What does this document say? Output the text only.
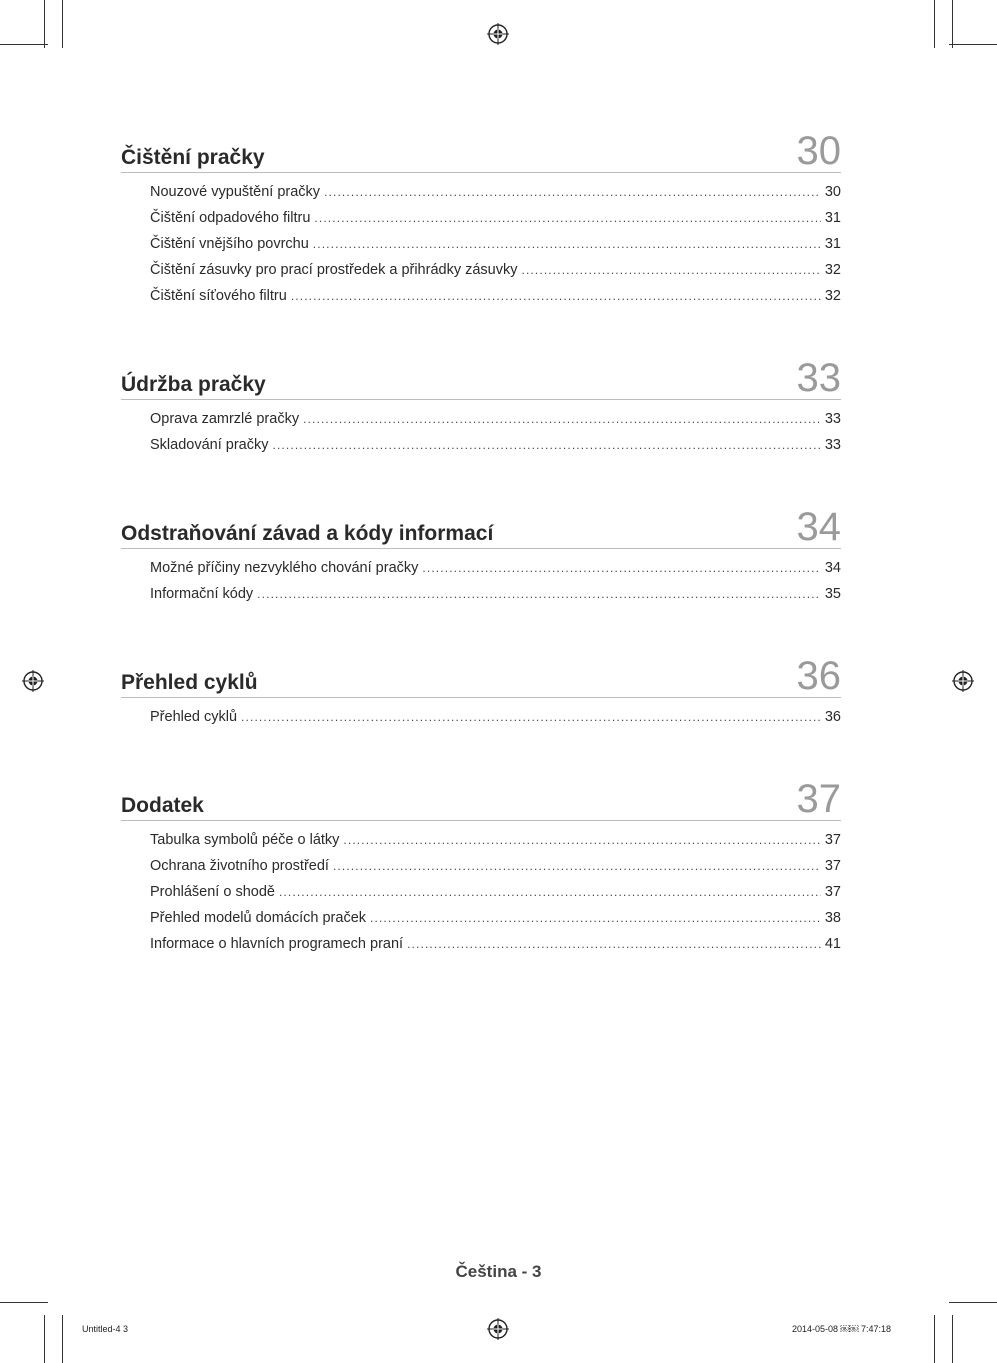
Čištění pračky	30
Nouzové vypuštění pračky . . .	30
Čištění odpadového filtru . . .	31
Čištění vnějšího povrchu . . .	31
Čištění zásuvky pro prací prostředek a přihrádky zásuvky . . .	32
Čištění síťového filtru . . .	32
Údržba pračky	33
Oprava zamrzlé pračky . . .	33
Skladování pračky . . .	33
Odstraňování závad a kódy informací	34
Možné příčiny nezvyklého chování pračky . . .	34
Informační kódy . . .	35
Přehled cyklů	36
Přehled cyklů . . .	36
Dodatek	37
Tabulka symbolů péče o látky . . .	37
Ochrana životního prostředí . . .	37
Prohlášení o shodě . . .	37
Přehled modelů domácích praček . . .	38
Informace o hlavních programech praní . . .	41
Čeština - 3
Untitled-4 3	2014-05-08 ￼￼ 7:47:18
